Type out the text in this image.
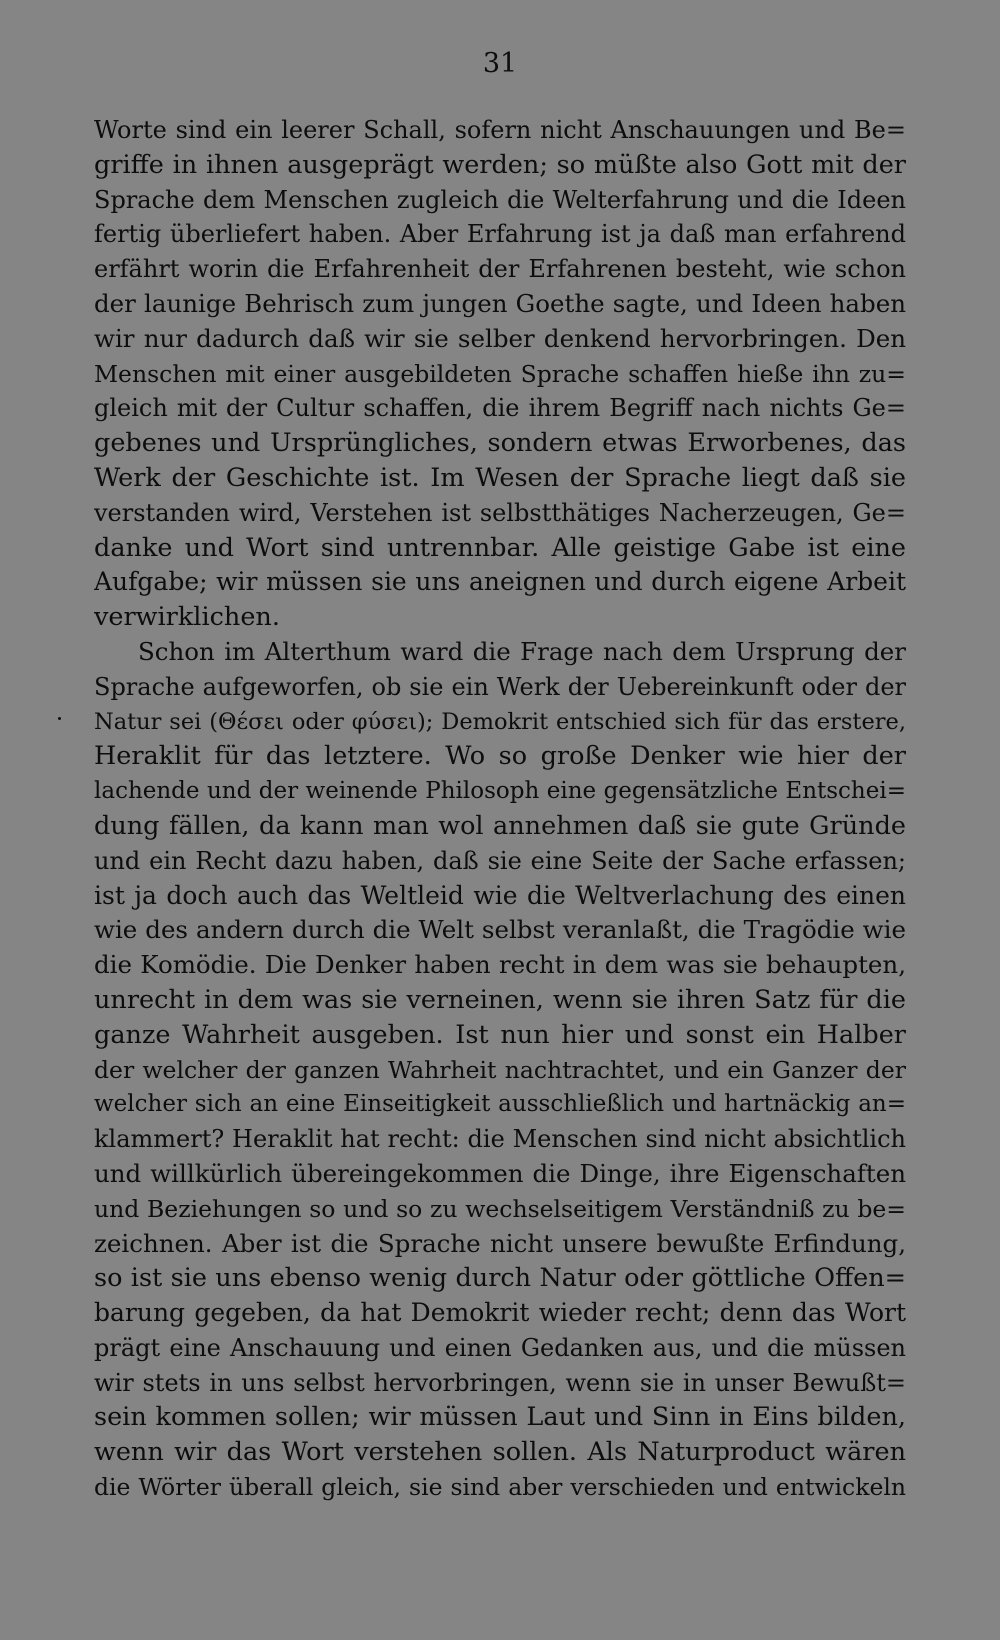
31
Worte sind ein leerer Schall, sofern nicht Anschauungen und Be=
griffe in ihnen ausgeprägt werden; so müßte also Gott mit der
Sprache dem Menschen zugleich die Welterfahrung und die Ideen
fertig überliefert haben. Aber Erfahrung ist ja daß man erfahrend
erfährt worin die Erfahrenheit der Erfahrenen besteht, wie schon
der launige Behrisch zum jungen Goethe sagte, und Ideen haben
wir nur dadurch daß wir sie selber denkend hervorbringen. Den
Menschen mit einer ausgebildeten Sprache schaffen hieße ihn zu=
gleich mit der Cultur schaffen, die ihrem Begriff nach nichts Ge=
gebenes und Ursprüngliches, sondern etwas Erworbenes, das
Werk der Geschichte ist. Im Wesen der Sprache liegt daß sie
verstanden wird, Verstehen ist selbstthätiges Nacherzeugen, Ge=
danke und Wort sind untrennbar. Alle geistige Gabe ist eine
Aufgabe; wir müssen sie uns aneignen und durch eigene Arbeit
verwirklichen.
Schon im Alterthum ward die Frage nach dem Ursprung der
Sprache aufgeworfen, ob sie ein Werk der Uebereinkunft oder der
Natur sei (Θέσει oder φύσει); Demokrit entschied sich für das erstere,
Heraklit für das letztere. Wo so große Denker wie hier der
lachende und der weinende Philosoph eine gegensätzliche Entschei=
dung fällen, da kann man wol annehmen daß sie gute Gründe
und ein Recht dazu haben, daß sie eine Seite der Sache erfassen;
ist ja doch auch das Weltleid wie die Weltverlachung des einen
wie des andern durch die Welt selbst veranlaßt, die Tragödie wie
die Komödie. Die Denker haben recht in dem was sie behaupten,
unrecht in dem was sie verneinen, wenn sie ihren Satz für die
ganze Wahrheit ausgeben. Ist nun hier und sonst ein Halber
der welcher der ganzen Wahrheit nachtrachtet, und ein Ganzer der
welcher sich an eine Einseitigkeit ausschließlich und hartnäckig an=
klammert? Heraklit hat recht: die Menschen sind nicht absichtlich
und willkürlich übereingekommen die Dinge, ihre Eigenschaften
und Beziehungen so und so zu wechselseitigem Verständniß zu be=
zeichnen. Aber ist die Sprache nicht unsere bewußte Erfindung,
so ist sie uns ebenso wenig durch Natur oder göttliche Offen=
barung gegeben, da hat Demokrit wieder recht; denn das Wort
prägt eine Anschauung und einen Gedanken aus, und die müssen
wir stets in uns selbst hervorbringen, wenn sie in unser Bewußt=
sein kommen sollen; wir müssen Laut und Sinn in Eins bilden,
wenn wir das Wort verstehen sollen. Als Naturproduct wären
die Wörter überall gleich, sie sind aber verschieden und entwickeln
